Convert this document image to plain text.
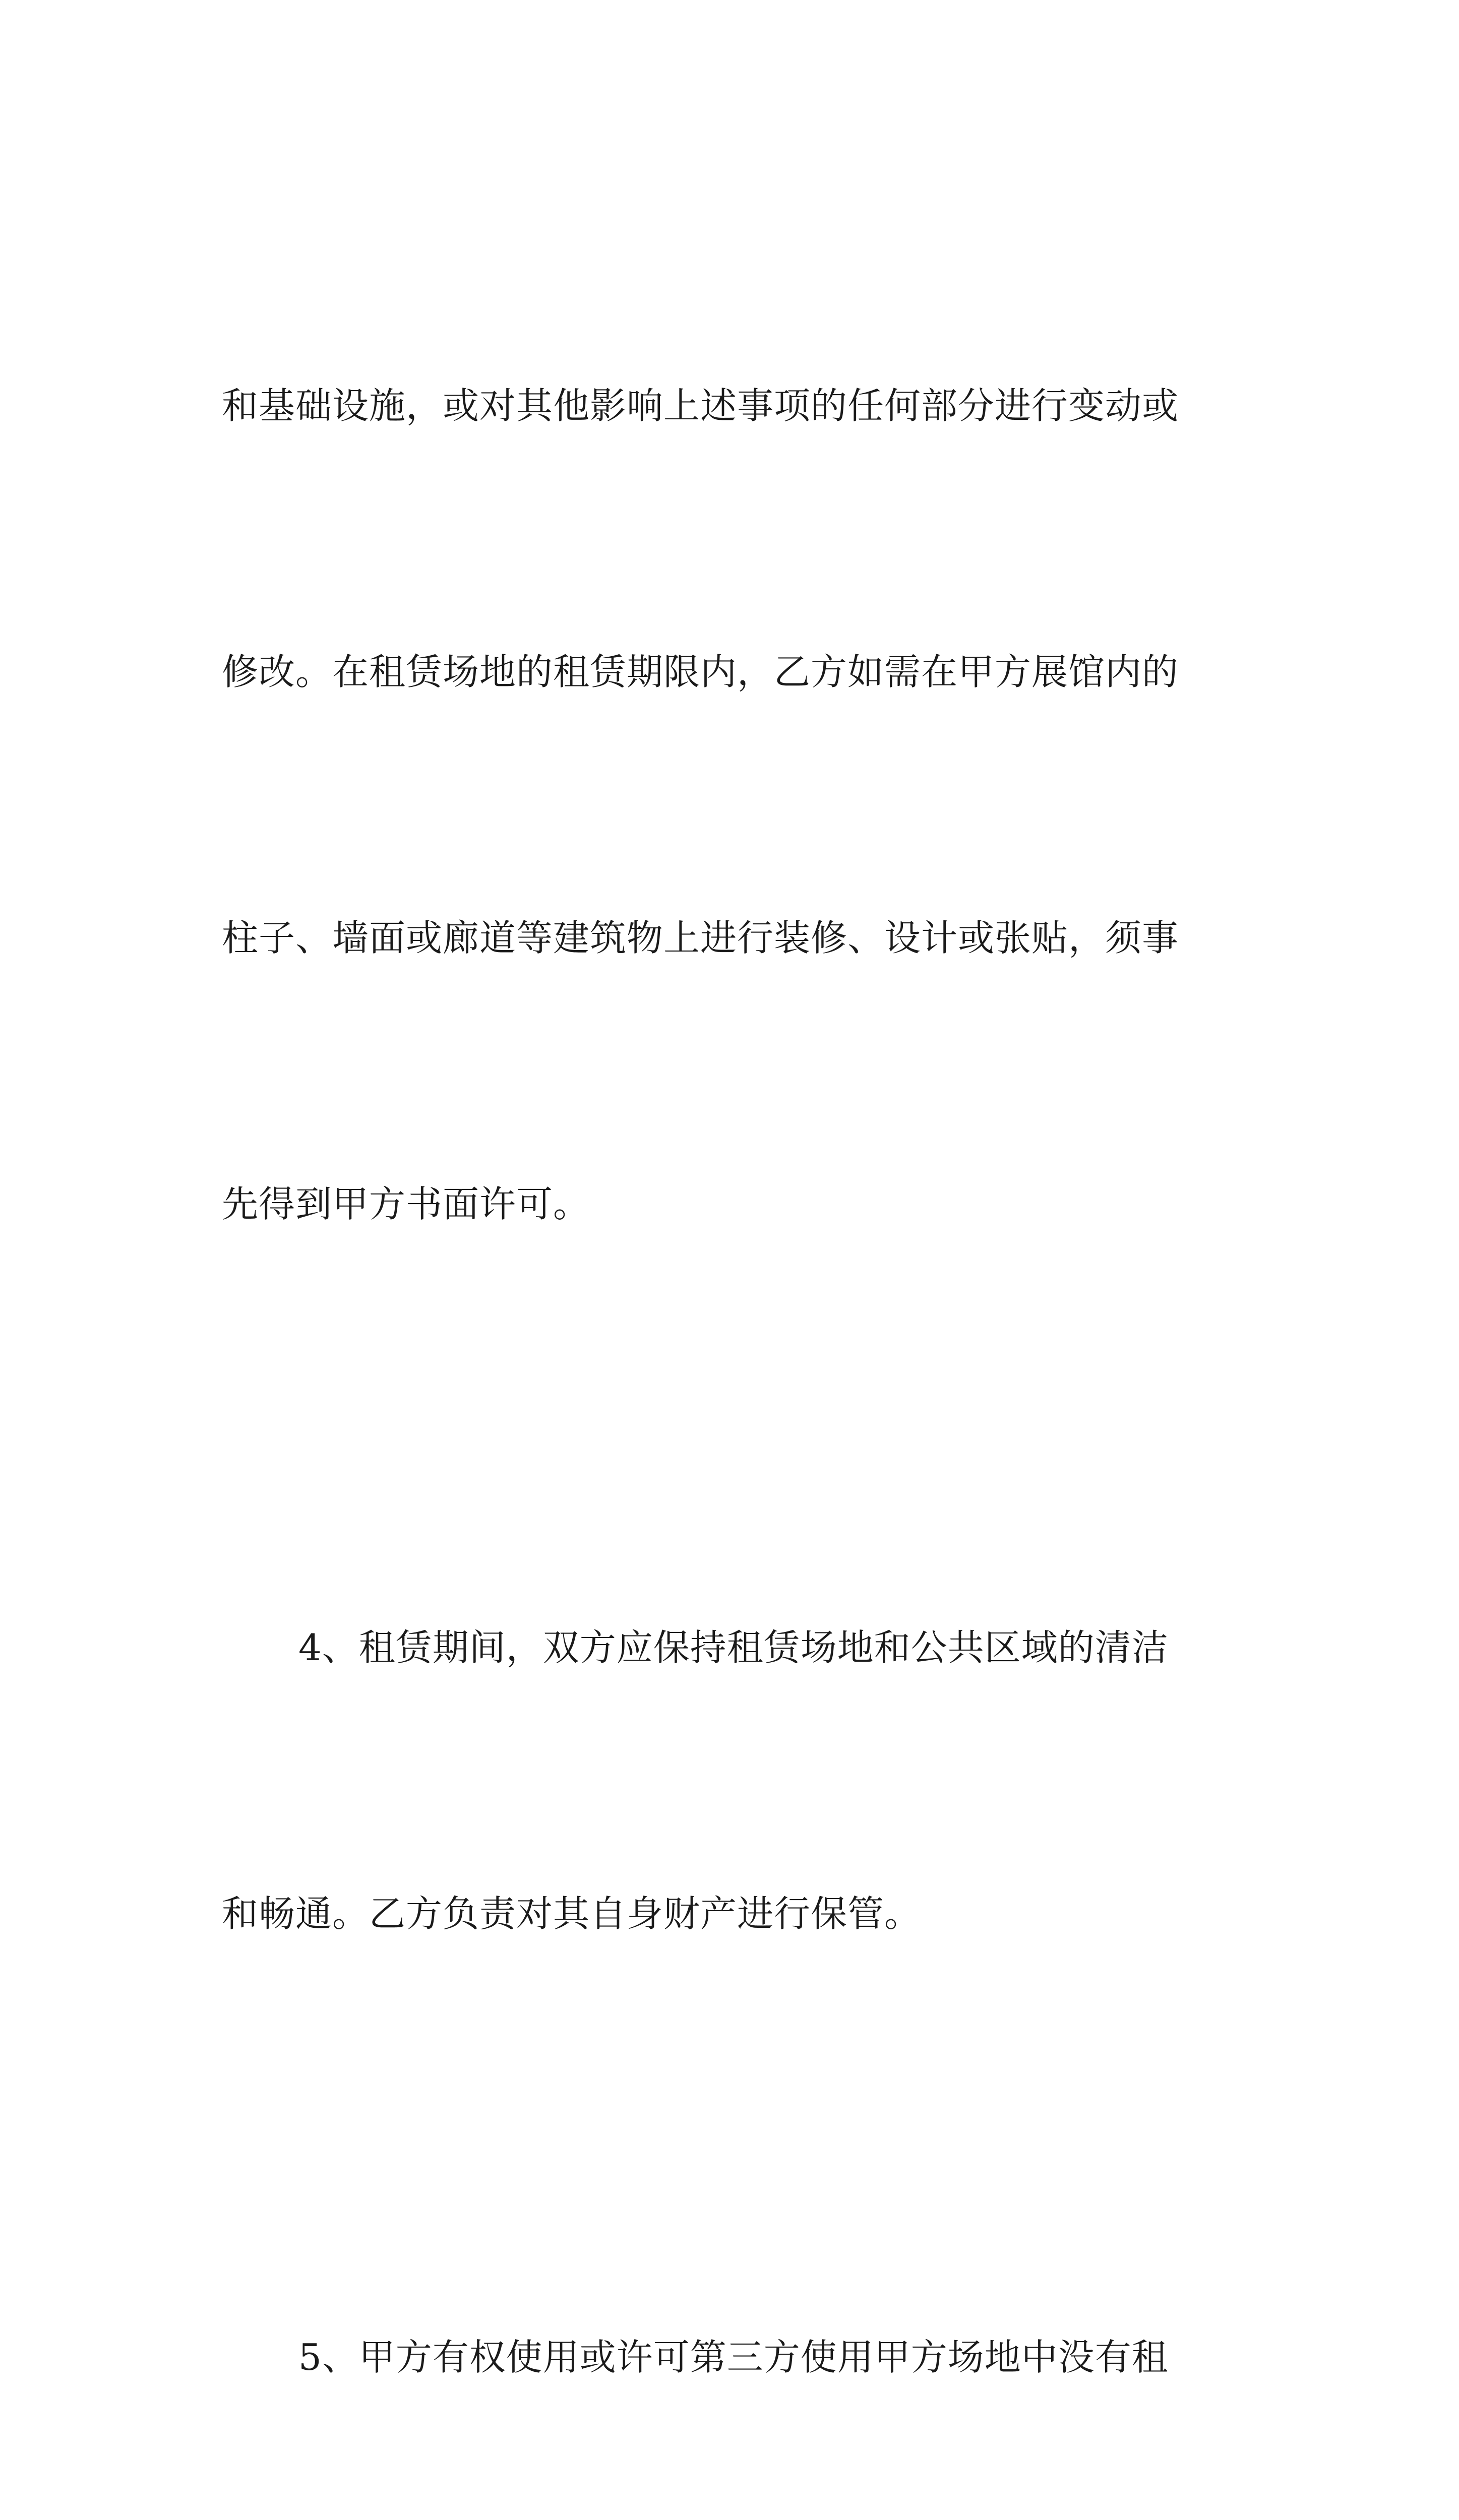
和基础设施，或对其他影响上述事项的任何部分进行变动或

修改。在租赁场地的租赁期限内，乙方如需在甲方展馆内的

柱子、墙面或廊道等建筑物上进行装修、设计或张贴，须事

先得到甲方书面许可。

4、租赁期间，双方应保持租赁场地和公共区域的清洁

和畅通。乙方负责对其自身财产进行保管。

5、甲方有权使用或许可第三方使用甲方场地中没有租
